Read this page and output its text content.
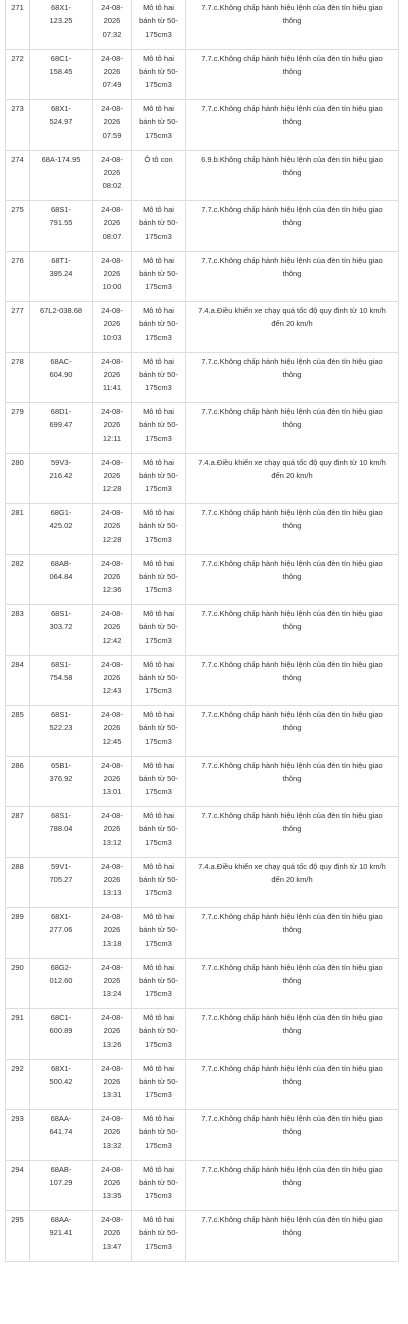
271	68X1-
123.25	24-08-
2026
07:32	Mô tô hai
bánh từ 50-
175cm3	7.7.c.Không chấp hành hiệu lệnh của đèn tín hiệu giao
thông

272	68C1-
158.45	24-08-
2026
07:49	Mô tô hai
bánh từ 50-
175cm3	7.7.c.Không chấp hành hiệu lệnh của đèn tín hiệu giao
thông

273	68X1-
524.97	24-08-
2026
07:59	Mô tô hai
bánh từ 50-
175cm3	7.7.c.Không chấp hành hiệu lệnh của đèn tín hiệu giao
thông

274	68A-174.95	24-08-
2026
08:02	Ô tô con	6.9.b.Không chấp hành hiệu lệnh của đèn tín hiệu giao
thông

275	68S1-
791.55	24-08-
2026
08:07	Mô tô hai
bánh từ 50-
175cm3	7.7.c.Không chấp hành hiệu lệnh của đèn tín hiệu giao
thông

276	68T1-
395.24	24-08-
2026
10:00	Mô tô hai
bánh từ 50-
175cm3	7.7.c.Không chấp hành hiệu lệnh của đèn tín hiệu giao
thông

277	67L2-038.68	24-08-
2026
10:03	Mô tô hai
bánh từ 50-
175cm3	7.4.a.Điều khiển xe chạy quá tốc độ quy định từ 10 km/h
đến 20 km/h

278	68AC-
604.90	24-08-
2026
11:41	Mô tô hai
bánh từ 50-
175cm3	7.7.c.Không chấp hành hiệu lệnh của đèn tín hiệu giao
thông

279	68D1-
699.47	24-08-
2026
12:11	Mô tô hai
bánh từ 50-
175cm3	7.7.c.Không chấp hành hiệu lệnh của đèn tín hiệu giao
thông

280	59V3-
216.42	24-08-
2026
12:28	Mô tô hai
bánh từ 50-
175cm3	7.4.a.Điều khiển xe chạy quá tốc độ quy định từ 10 km/h
đến 20 km/h

281	68G1-
425.02	24-08-
2026
12:28	Mô tô hai
bánh từ 50-
175cm3	7.7.c.Không chấp hành hiệu lệnh của đèn tín hiệu giao
thông

282	68AB-
064.84	24-08-
2026
12:36	Mô tô hai
bánh từ 50-
175cm3	7.7.c.Không chấp hành hiệu lệnh của đèn tín hiệu giao
thông

283	68S1-
303.72	24-08-
2026
12:42	Mô tô hai
bánh từ 50-
175cm3	7.7.c.Không chấp hành hiệu lệnh của đèn tín hiệu giao
thông

284	68S1-
754.58	24-08-
2026
12:43	Mô tô hai
bánh từ 50-
175cm3	7.7.c.Không chấp hành hiệu lệnh của đèn tín hiệu giao
thông

285	68S1-
522.23	24-08-
2026
12:45	Mô tô hai
bánh từ 50-
175cm3	7.7.c.Không chấp hành hiệu lệnh của đèn tín hiệu giao
thông

286	65B1-
376.92	24-08-
2026
13:01	Mô tô hai
bánh từ 50-
175cm3	7.7.c.Không chấp hành hiệu lệnh của đèn tín hiệu giao
thông

287	68S1-
788.04	24-08-
2026
13:12	Mô tô hai
bánh từ 50-
175cm3	7.7.c.Không chấp hành hiệu lệnh của đèn tín hiệu giao
thông

288	59V1-
705.27	24-08-
2026
13:13	Mô tô hai
bánh từ 50-
175cm3	7.4.a.Điều khiển xe chạy quá tốc độ quy định từ 10 km/h
đến 20 km/h

289	68X1-
277.06	24-08-
2026
13:18	Mô tô hai
bánh từ 50-
175cm3	7.7.c.Không chấp hành hiệu lệnh của đèn tín hiệu giao
thông

290	68G2-
012.60	24-08-
2026
13:24	Mô tô hai
bánh từ 50-
175cm3	7.7.c.Không chấp hành hiệu lệnh của đèn tín hiệu giao
thông

291	68C1-
600.89	24-08-
2026
13:26	Mô tô hai
bánh từ 50-
175cm3	7.7.c.Không chấp hành hiệu lệnh của đèn tín hiệu giao
thông

292	68X1-
500.42	24-08-
2026
13:31	Mô tô hai
bánh từ 50-
175cm3	7.7.c.Không chấp hành hiệu lệnh của đèn tín hiệu giao
thông

293	68AA-
641.74	24-08-
2026
13:32	Mô tô hai
bánh từ 50-
175cm3	7.7.c.Không chấp hành hiệu lệnh của đèn tín hiệu giao
thông

294	68AB-
107.29	24-08-
2026
13:35	Mô tô hai
bánh từ 50-
175cm3	7.7.c.Không chấp hành hiệu lệnh của đèn tín hiệu giao
thông

295	68AA-
921.41	24-08-
2026
13:47	Mô tô hai
bánh từ 50-
175cm3	7.7.c.Không chấp hành hiệu lệnh của đèn tín hiệu giao
thông
